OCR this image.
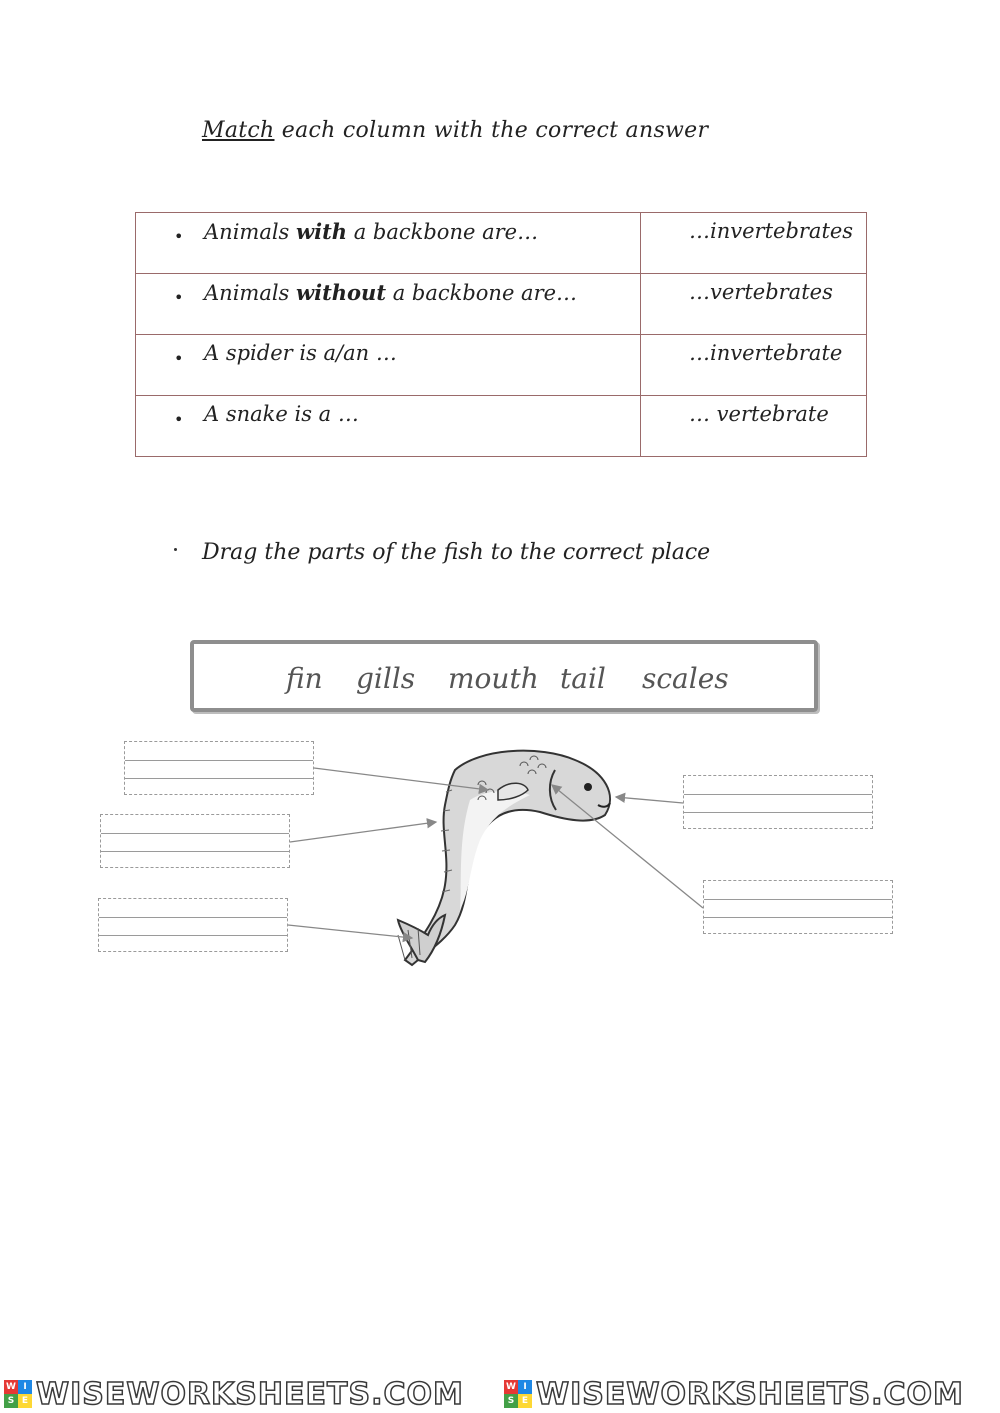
Match each column with the correct answer
• Animals with a backbone are…	…invertebrates

• Animals without a backbone are…	…vertebrates

• A spider is a/an …	…invertebrate

• A snake is a …	… vertebrate
Drag the parts of the fish to the correct place
fin gills mouth tail scales
W I
S E WISEWORKSHEETS.COM	W I
S E WISEWORKSHEETS.COM
